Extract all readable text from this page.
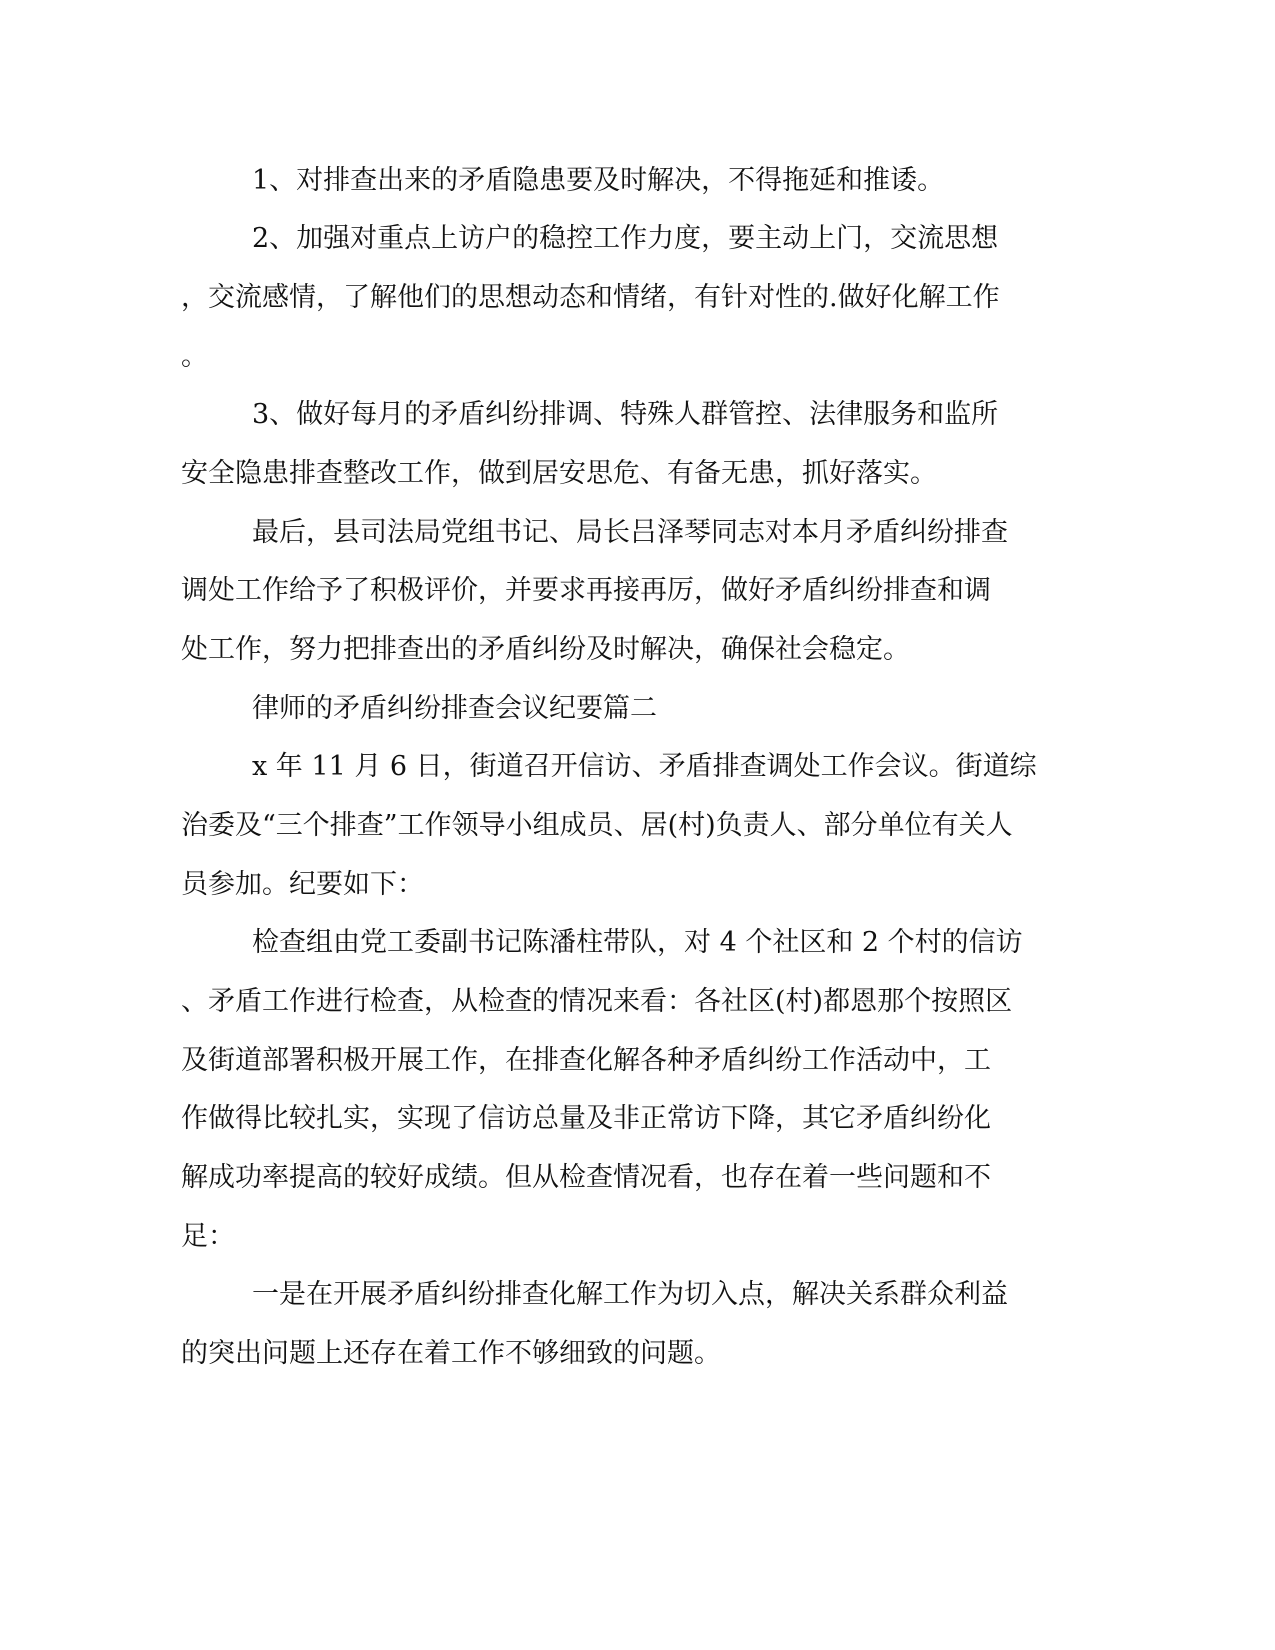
1、对排查出来的矛盾隐患要及时解决，不得拖延和推诿。
2、加强对重点上访户的稳控工作力度，要主动上门，交流思想
，交流感情，了解他们的思想动态和情绪，有针对性的.做好化解工作
。
3、做好每月的矛盾纠纷排调、特殊人群管控、法律服务和监所
安全隐患排查整改工作，做到居安思危、有备无患，抓好落实。
最后，县司法局党组书记、局长吕泽琴同志对本月矛盾纠纷排查
调处工作给予了积极评价，并要求再接再厉，做好矛盾纠纷排查和调
处工作，努力把排查出的矛盾纠纷及时解决，确保社会稳定。
律师的矛盾纠纷排查会议纪要篇二
x 年 11 月 6 日，街道召开信访、矛盾排查调处工作会议。街道综
治委及“三个排查”工作领导小组成员、居(村)负责人、部分单位有关人
员参加。纪要如下：
检查组由党工委副书记陈潘柱带队，对 4 个社区和 2 个村的信访
、矛盾工作进行检查，从检查的情况来看：各社区(村)都恩那个按照区
及街道部署积极开展工作，在排查化解各种矛盾纠纷工作活动中，工
作做得比较扎实，实现了信访总量及非正常访下降，其它矛盾纠纷化
解成功率提高的较好成绩。但从检查情况看，也存在着一些问题和不
足：
一是在开展矛盾纠纷排查化解工作为切入点，解决关系群众利益
的突出问题上还存在着工作不够细致的问题。
